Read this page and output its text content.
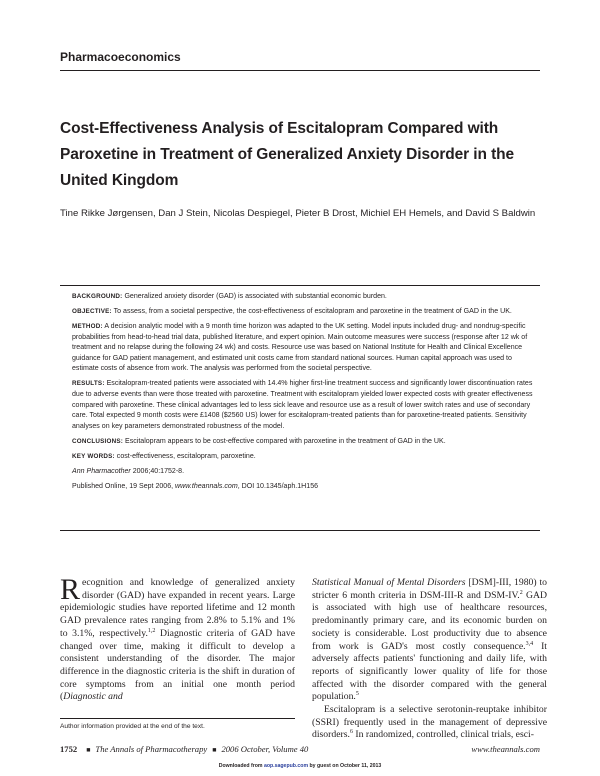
Pharmacoeconomics
Cost-Effectiveness Analysis of Escitalopram Compared with Paroxetine in Treatment of Generalized Anxiety Disorder in the United Kingdom
Tine Rikke Jørgensen, Dan J Stein, Nicolas Despiegel, Pieter B Drost, Michiel EH Hemels, and David S Baldwin

BACKGROUND: Generalized anxiety disorder (GAD) is associated with substantial economic burden.

OBJECTIVE: To assess, from a societal perspective, the cost-effectiveness of escitalopram and paroxetine in the treatment of GAD in the UK.

METHOD: A decision analytic model with a 9 month time horizon was adapted to the UK setting. Model inputs included drug- and nondrug-specific probabilities from head-to-head trial data, published literature, and expert opinion. Main outcome measures were success (response after 12 wk of treatment and no relapse during the following 24 wk) and costs. Resource use was based on National Institute for Health and Clinical Excellence guidance for GAD patient management, and estimated unit costs came from standard national sources. Human capital approach was used to estimate costs of absence from work. The analysis was performed from the societal perspective.

RESULTS: Escitalopram-treated patients were associated with 14.4% higher first-line treatment success and significantly lower discontinuation rates due to adverse events than were those treated with paroxetine. Treatment with escitalopram yielded lower expected costs with greater effectiveness compared with paroxetine. These clinical advantages led to less sick leave and resource use as a result of lower switch rates and use of secondary care. Total expected 9 month costs were £1408 ($2560 US) lower for escitalopram-treated patients than for paroxetine-treated patients. Sensitivity analyses on key parameters demonstrated robustness of the model.

CONCLUSIONS: Escitalopram appears to be cost-effective compared with paroxetine in the treatment of GAD in the UK.

KEY WORDS: cost-effectiveness, escitalopram, paroxetine.

Ann Pharmacother 2006;40:1752-8.

Published Online, 19 Sept 2006, www.theannals.com, DOI 10.1345/aph.1H156

Recognition and knowledge of generalized anxiety disorder (GAD) have expanded in recent years. Large epidemiologic studies have reported lifetime and 12 month GAD prevalence rates ranging from 2.8% to 5.1% and 1% to 3.1%, respectively.$^{1,2}$ Diagnostic criteria of GAD have changed over time, making it difficult to develop a consistent understanding of the disorder. The major difference in the diagnostic criteria is the shift in duration of core symptoms from an initial one month period (Diagnostic and

Statistical Manual of Mental Disorders [DSM]-III, 1980) to stricter 6 month criteria in DSM-III-R and DSM-IV.$^2$ GAD is associated with high use of healthcare resources, predominantly primary care, and its economic burden on society is considerable. Lost productivity due to absence from work is GAD's most costly consequence.$^{3,4}$ It adversely affects patients' functioning and daily life, with reports of significantly lower quality of life for those affected with the disorder compared with the general population.$^5$

Escitalopram is a selective serotonin-reuptake inhibitor (SSRI) frequently used in the management of depressive disorders.$^6$ In randomized, controlled, clinical trials, esci-

Author information provided at the end of the text.
1752 ■ The Annals of Pharmacotherapy ■ 2006 October, Volume 40	www.theannals.com
Downloaded from aop.sagepub.com by guest on October 11, 2013
